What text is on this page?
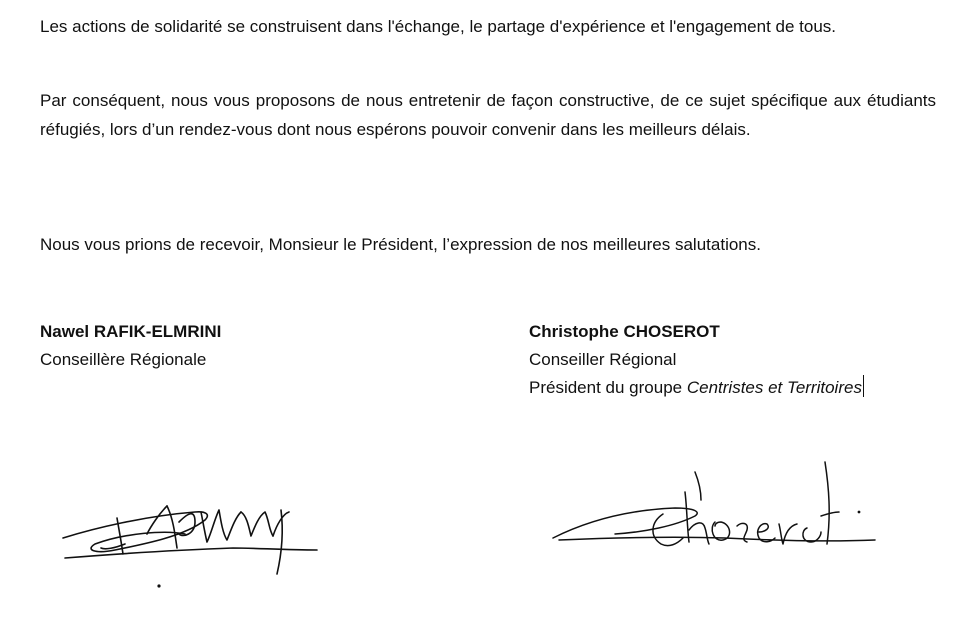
Les actions de solidarité se construisent dans l'échange, le partage d'expérience et l'engagement de tous.

Par conséquent, nous vous proposons de nous entretenir de façon constructive, de ce sujet spécifique aux étudiants réfugiés, lors d’un rendez-vous dont nous espérons pouvoir convenir dans les meilleurs délais.

Nous vous prions de recevoir, Monsieur le Président, l’expression de nos meilleures salutations.

Nawel RAFIK-ELMRINI
Conseillère Régionale
Christophe CHOSEROT
Conseiller Régional
Président du groupe Centristes et Territoires
